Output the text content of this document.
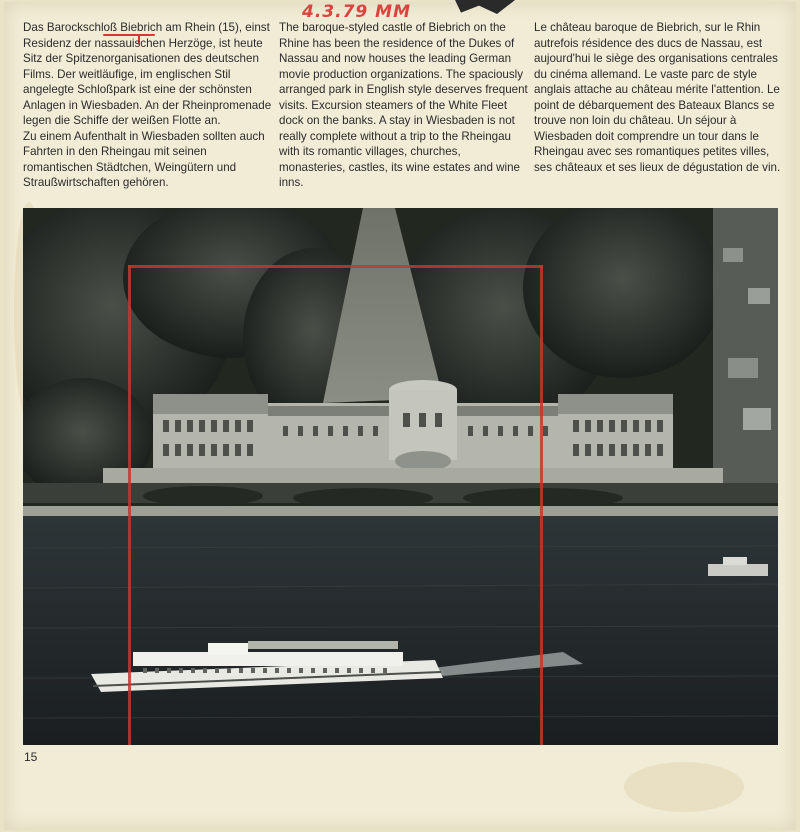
4.3.79 MM
Das Barockschloß Biebrich am Rhein (15), einst Residenz der nassauischen Herzöge, ist heute Sitz der Spitzenorganisationen des deutschen Films. Der weitläufige, im englischen Stil angelegte Schloßpark ist eine der schönsten Anlagen in Wiesbaden. An der Rheinpromenade legen die Schiffe der weißen Flotte an.
Zu einem Aufenthalt in Wiesbaden sollten auch Fahrten in den Rheingau mit seinen romantischen Städtchen, Weingütern und Straußwirtschaften gehören.
The baroque-styled castle of Biebrich on the Rhine has been the residence of the Dukes of Nassau and now houses the leading German movie production organizations. The spaciously arranged park in English style deserves frequent visits. Excursion steamers of the White Fleet dock on the banks. A stay in Wiesbaden is not really complete without a trip to the Rheingau with its romantic villages, churches, monasteries, castles, its wine estates and wine inns.
Le château baroque de Biebrich, sur le Rhin autrefois résidence des ducs de Nassau, est aujourd'hui le siège des organisations centrales du cinéma allemand. Le vaste parc de style anglais attache au château mérite l'attention. Le point de débarquement des Bateaux Blancs se trouve non loin du château. Un séjour à Wiesbaden doit comprendre un tour dans le Rheingau avec ses romantiques petites villes, ses châteaux et ses lieux de dégustation de vin.
15
